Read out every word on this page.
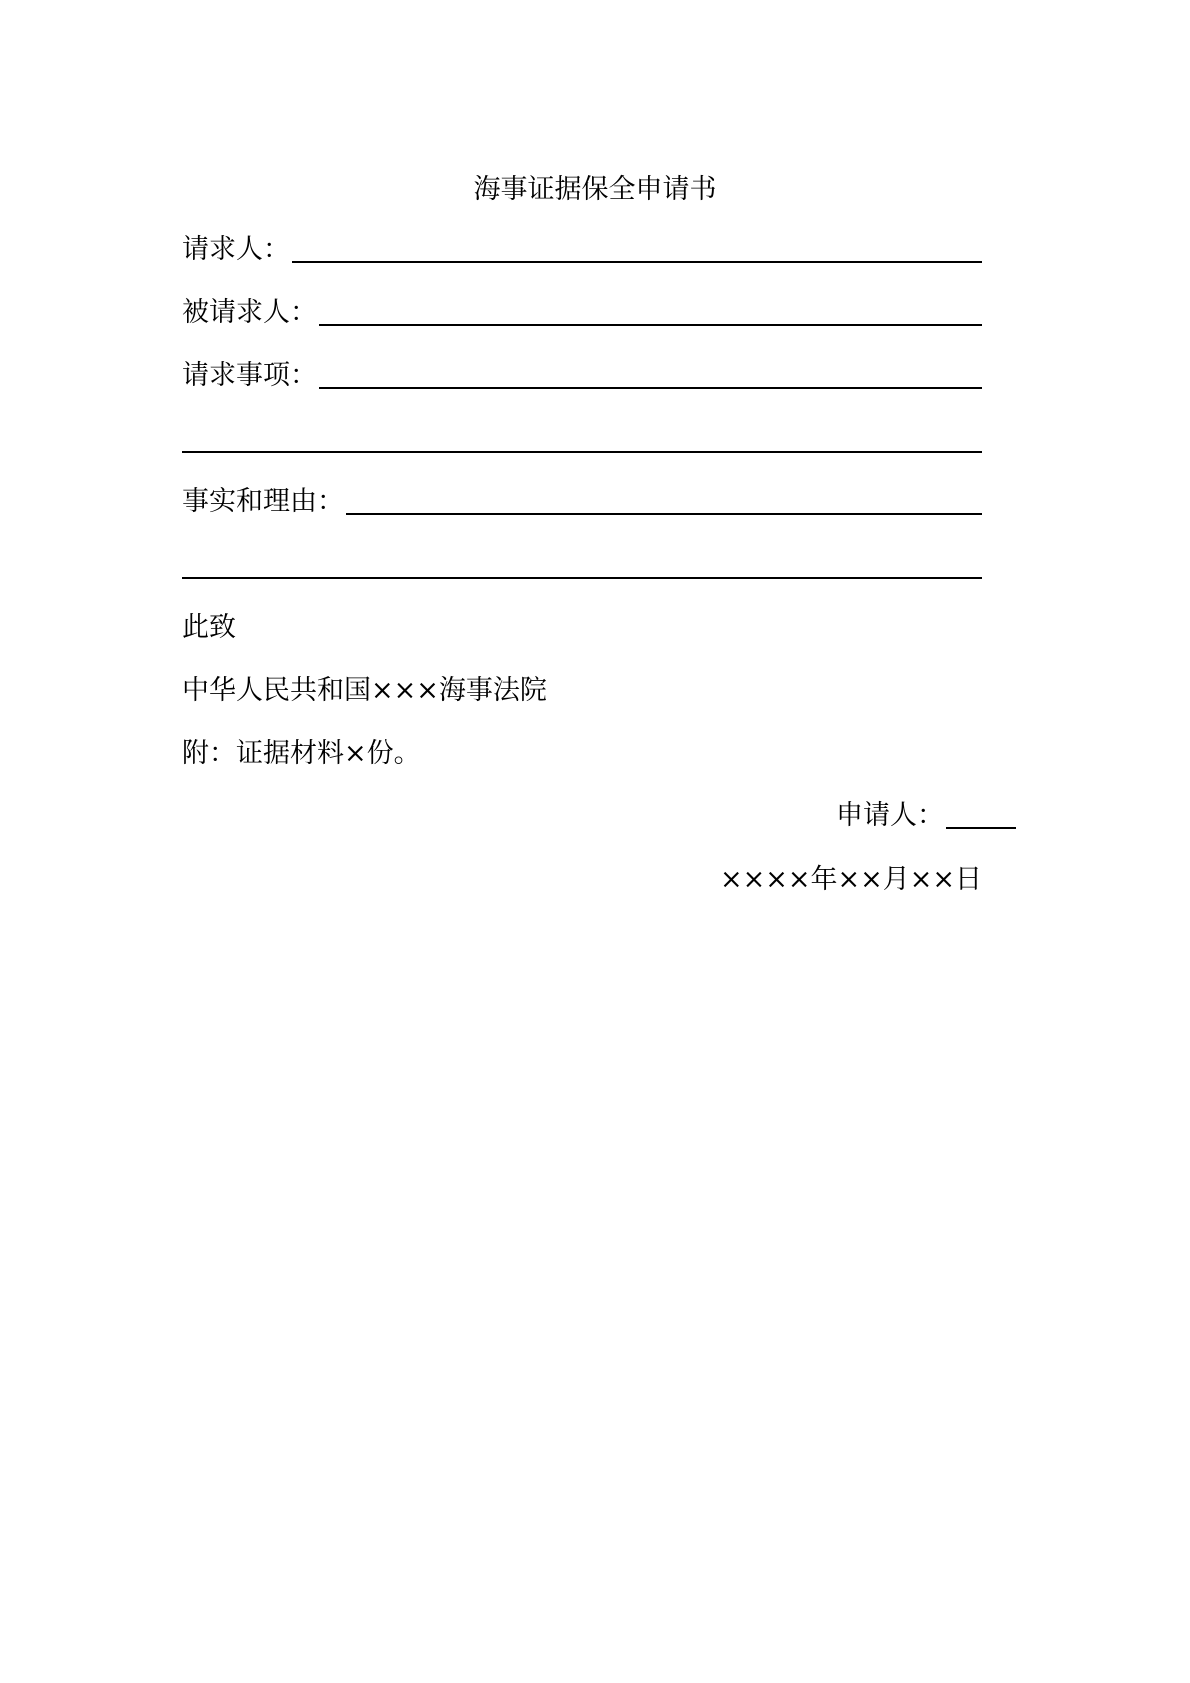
海事证据保全申请书
请求人：
被请求人：
请求事项：
事实和理由：
此致
中华人民共和国×××海事法院
附：证据材料×份。
申请人：
××××年××月××日
